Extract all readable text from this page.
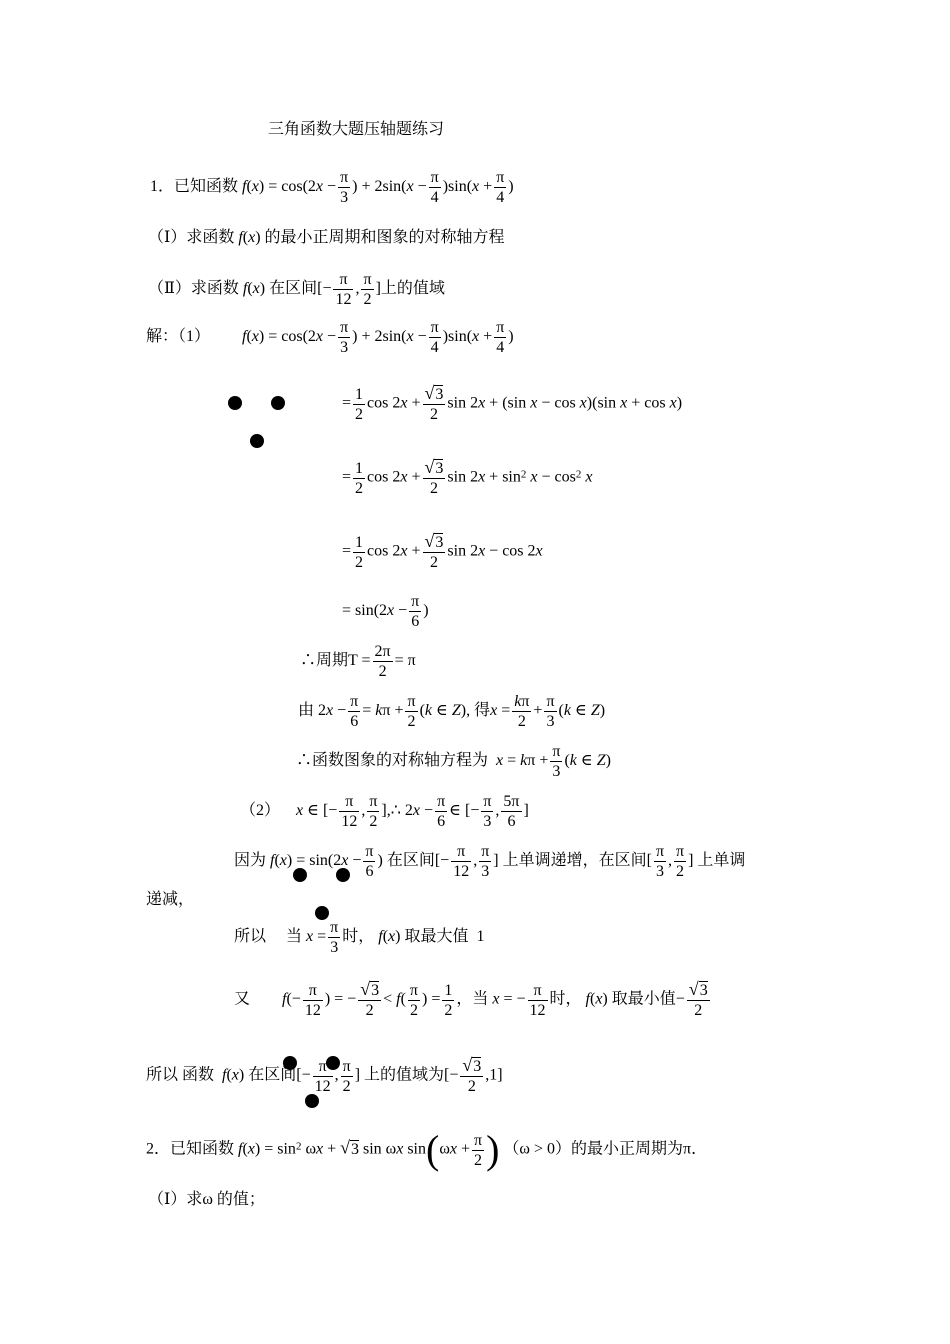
三角函数大题压轴题练习
1．已知函数 $f(x) = \cos(2x - \frac{\pi}{3}$ ) + $2\sin(x - \frac{\pi}{4} )\sin(x + \frac{\pi}{4}$ )
（Ⅰ）求函数 f(x) 的最小正周期和图象的对称轴方程
（Ⅱ）求函数 f(x) 在区间[− $\frac{\pi}{12}$ , $\frac{\pi}{2}$ ]上的值域
解：（1） $f(x) = \cos(2x - \frac{\pi}{3}$ ) + $2\sin(x - \frac{\pi}{4} )\sin(x + \frac{\pi}{4}$ )
= $\frac{1}{2}$ $\cos 2x + \frac{√3}{2}$ sin 2x + (sin x − cos x)(sin x + cos x)
= $\frac{1}{2}$ $\cos 2x + \frac{√3}{2}$ $\sin 2x + \sin^2 x - \cos^2 x$
= $\frac{1}{2}$ $\cos 2x + \frac{√3}{2}$ sin 2x − cos 2x
= $\sin(2x - \frac{\pi}{6}$ )
∴周期$T = \frac{2\pi}{2} = \pi$
由 $2x - \frac{\pi}{6} = k\pi + \frac{\pi}{2} (k$ ∈ Z), 得$x = \frac{k\pi}{2} + \frac{\pi}{3} (k$ ∈ Z)
∴函数图象的对称轴方程为 $x = k\pi + \frac{\pi}{3} (k$ ∈ Z)
（2） x ∈ [− $\frac{\pi}{12}$ , $\frac{\pi}{2}$ ],∴ $2x - \frac{\pi}{6}$ ∈ [− $\frac{\pi}{3}$ , $\frac{5\pi}{6}$ ]
因为 $f(x) = \sin(2x - \frac{\pi}{6}$ ) 在区间[− $\frac{\pi}{12}$ , $\frac{\pi}{3}$ ] 上单调递增，在区间[ $\frac{\pi}{3}$ , $\frac{\pi}{2}$ ] 上单调
递减，
所以 当 $x = \frac{\pi}{3}$ 时， f(x) 取最大值 1
又 $f(- \frac{\pi}{12}$ ) = − $\frac{√3}{2} < f( \frac{\pi}{2}$ ) = $\frac{1}{2}$ ，当 x = − $\frac{\pi}{12}$ 时， f(x) 取最小值− $\frac{√3}{2}$
所以 函数 f(x) 在区间[− $\frac{\pi}{12}$ , $\frac{\pi}{2}$ ] 上的值域为[− $\frac{√3}{2} ,1$]
2．已知函数 $f(x) = \sin^2 \omega x + √3$ sin ωx $\sin(\omega x + \frac{\pi}{2}$ ) （ω > 0）的最小正周期为π．
（Ⅰ）求ω 的值；
